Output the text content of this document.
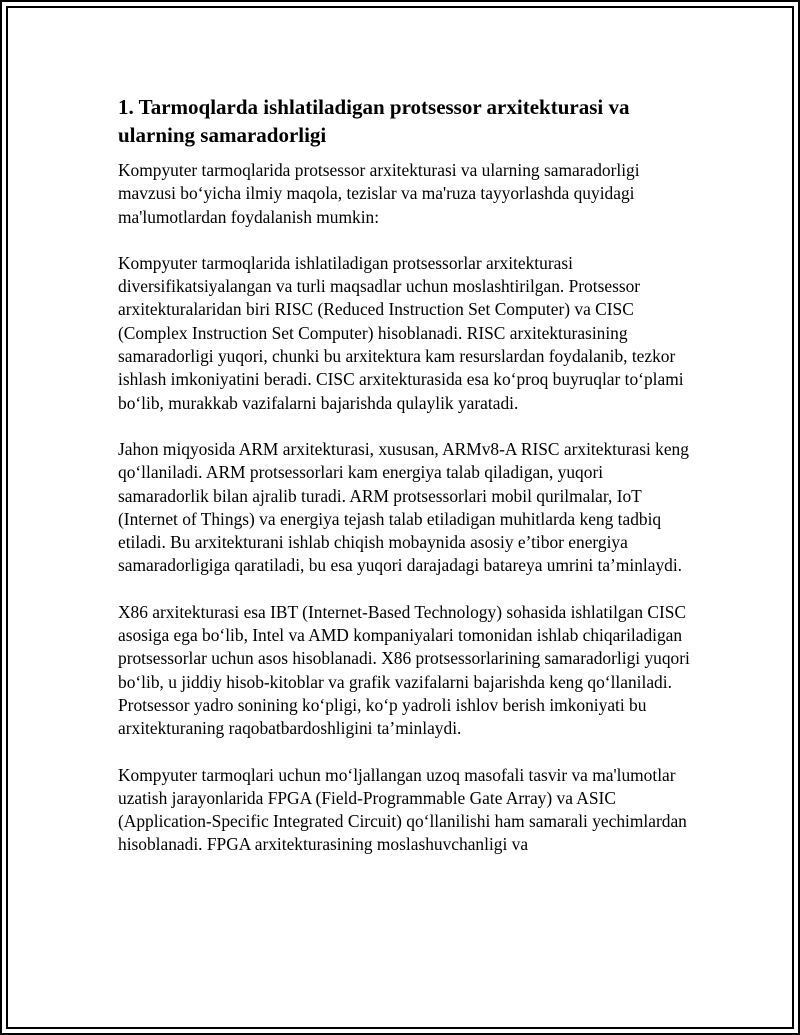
1. Tarmoqlarda ishlatiladigan protsessor arxitekturasi va ularning samaradorligi

Kompyuter tarmoqlarida protsessor arxitekturasi va ularning samaradorligi mavzusi bo‘yicha ilmiy maqola, tezislar va ma'ruza tayyorlashda quyidagi ma'lumotlardan foydalanish mumkin:

Kompyuter tarmoqlarida ishlatiladigan protsessorlar arxitekturasi diversifikatsiyalangan va turli maqsadlar uchun moslashtirilgan. Protsessor arxitekturalaridan biri RISC (Reduced Instruction Set Computer) va CISC (Complex Instruction Set Computer) hisoblanadi. RISC arxitekturasining samaradorligi yuqori, chunki bu arxitektura kam resurslardan foydalanib, tezkor ishlash imkoniyatini beradi. CISC arxitekturasida esa ko‘proq buyruqlar to‘plami bo‘lib, murakkab vazifalarni bajarishda qulaylik yaratadi.

Jahon miqyosida ARM arxitekturasi, xususan, ARMv8-A RISC arxitekturasi keng qo‘llaniladi. ARM protsessorlari kam energiya talab qiladigan, yuqori samaradorlik bilan ajralib turadi. ARM protsessorlari mobil qurilmalar, IoT (Internet of Things) va energiya tejash talab etiladigan muhitlarda keng tadbiq etiladi. Bu arxitekturani ishlab chiqish mobaynida asosiy e’tibor energiya samaradorligiga qaratiladi, bu esa yuqori darajadagi batareya umrini ta’minlaydi.

X86 arxitekturasi esa IBT (Internet-Based Technology) sohasida ishlatilgan CISC asosiga ega bo‘lib, Intel va AMD kompaniyalari tomonidan ishlab chiqariladigan protsessorlar uchun asos hisoblanadi. X86 protsessorlarining samaradorligi yuqori bo‘lib, u jiddiy hisob-kitoblar va grafik vazifalarni bajarishda keng qo‘llaniladi. Protsessor yadro sonining ko‘pligi, ko‘p yadroli ishlov berish imkoniyati bu arxitekturaning raqobatbardoshligini ta’minlaydi.

Kompyuter tarmoqlari uchun mo‘ljallangan uzoq masofali tasvir va ma'lumotlar uzatish jarayonlarida FPGA (Field-Programmable Gate Array) va ASIC (Application-Specific Integrated Circuit) qo‘llanilishi ham samarali yechimlardan hisoblanadi. FPGA arxitekturasining moslashuvchanligi va
